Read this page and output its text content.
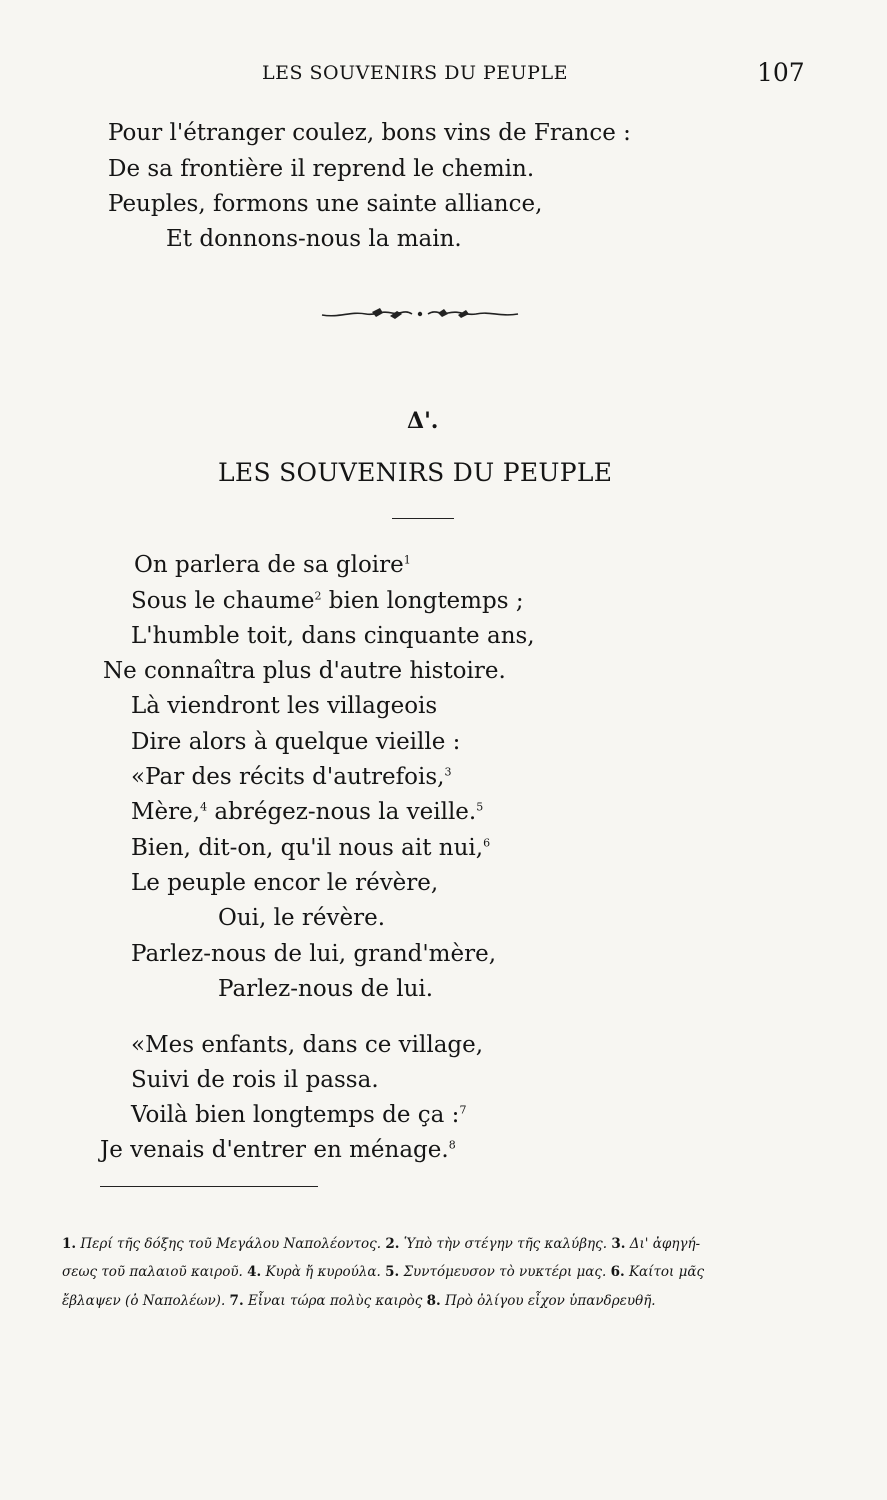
LES SOUVENIRS DU PEUPLE	107
Pour l'étranger coulez, bons vins de France :
De sa frontière il reprend le chemin.
Peuples, formons une sainte alliance,
Et donnons-nous la main.
Δ'.
LES SOUVENIRS DU PEUPLE
On parlera de sa gloire$^1$
Sous le chaume$^2$ bien longtemps ;
L'humble toit, dans cinquante ans,
Ne connaîtra plus d'autre histoire.
Là viendront les villageois
Dire alors à quelque vieille :
«Par des récits d'autrefois,$^3$
Mère,$^4$ abrégez-nous la veille.$^5$
Bien, dit-on, qu'il nous ait nui,$^6$
Le peuple encor le révère,
Oui, le révère.
Parlez-nous de lui, grand'mère,
Parlez-nous de lui.
«Mes enfants, dans ce village,
Suivi de rois il passa.
Voilà bien longtemps de ça :$^7$
Je venais d'entrer en ménage.$^8$
1. Περί τῆς δόξης τοῦ Μεγάλου Ναπολέοντος. 2. Ὑπὸ τὴν στέγην τῆς καλύβης. 3. Δι' ἀφηγή-
σεως τοῦ παλαιοῦ καιροῦ. 4. Κυρὰ ἤ κυρούλα. 5. Συντόμευσον τὸ νυκτέρι μας. 6. Καίτοι μᾶς
ἔβλαψεν (ὁ Ναπολέων). 7. Εἶναι τώρα πολὺς καιρὸς 8. Πρὸ ὀλίγου εἶχον ὑπανδρευθῆ.
